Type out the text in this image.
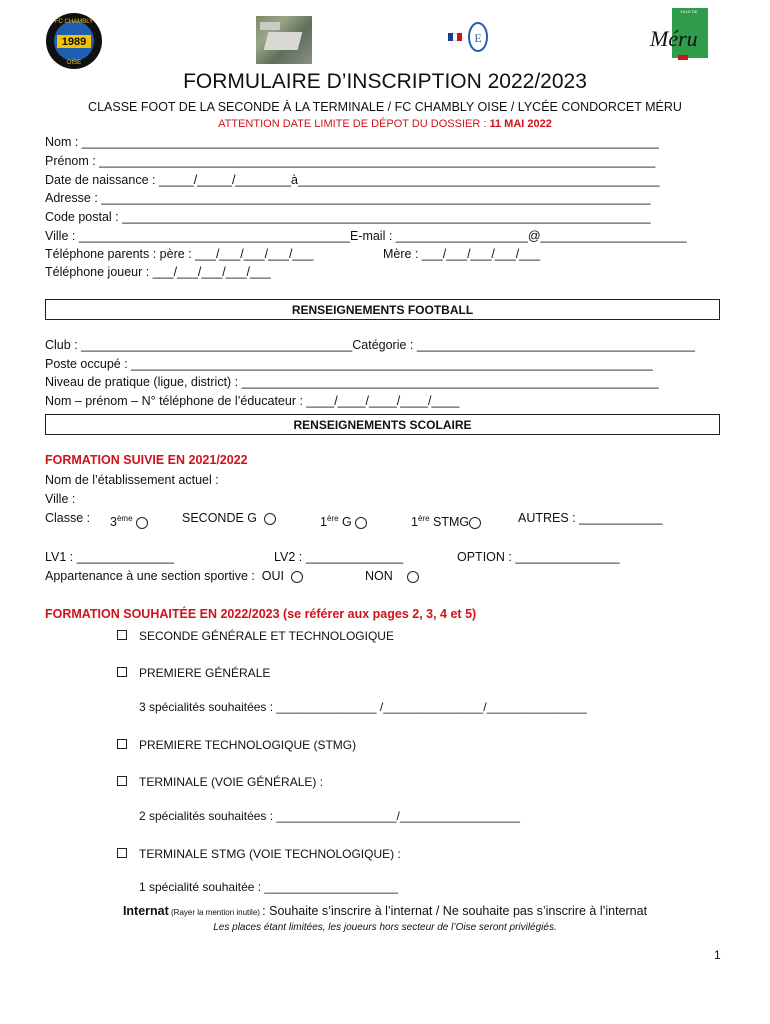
1989
FC CHAMBLY
OISE
E
VILLE DE
Méru
FORMULAIRE D’INSCRIPTION 2022/2023
CLASSE FOOT DE LA SECONDE À LA TERMINALE / FC CHAMBLY OISE / LYCÉE CONDORCET MÉRU
ATTENTION DATE LIMITE DE DÉPOT DU DOSSIER : 11 MAI 2022
Nom : ___________________________________________________________________________________
Prénom : ________________________________________________________________________________
Date de naissance : _____/_____/________à____________________________________________________
Adresse : _______________________________________________________________________________
Code postal : ____________________________________________________________________________
Ville : _______________________________________E-mail : ___________________@_____________________
Téléphone parents : père : ___/___/___/___/___	Mère : ___/___/___/___/___
Téléphone joueur : ___/___/___/___/___
RENSEIGNEMENTS FOOTBALL
Club : _______________________________________Catégorie : ________________________________________
Poste occupé : ___________________________________________________________________________
Niveau de pratique (ligue, district) : ____________________________________________________________
Nom – prénom – N° téléphone de l’éducateur : ____/____/____/____/____
RENSEIGNEMENTS SCOLAIRE
FORMATION SUIVIE EN 2021/2022
Nom de l’établissement actuel :
Ville :
Classe : 3ème	SECONDE G	1ère G	1ère STMG	AUTRES : ____________
LV1 : ______________	LV2 : ______________	OPTION : _______________
Appartenance à une section sportive :  OUI	NON
FORMATION SOUHAITÉE EN 2022/2023 (se référer aux pages 2, 3, 4 et 5)
SECONDE GÉNÉRALE ET TECHNOLOGIQUE
PREMIERE GÉNÉRALE
3 spécialités souhaitées : _______________ /_______________/_______________
PREMIERE TECHNOLOGIQUE (STMG)
TERMINALE (VOIE GÉNÉRALE) :
2 spécialités souhaitées : __________________/__________________
TERMINALE STMG (VOIE TECHNOLOGIQUE) :
1 spécialité souhaitée : ____________________
Internat (Rayer la mention inutile) : Souhaite s’inscrire à l’internat / Ne souhaite pas s’inscrire à l’internat
Les places étant limitées, les joueurs hors secteur de l’Oise seront privilégiés.
1
